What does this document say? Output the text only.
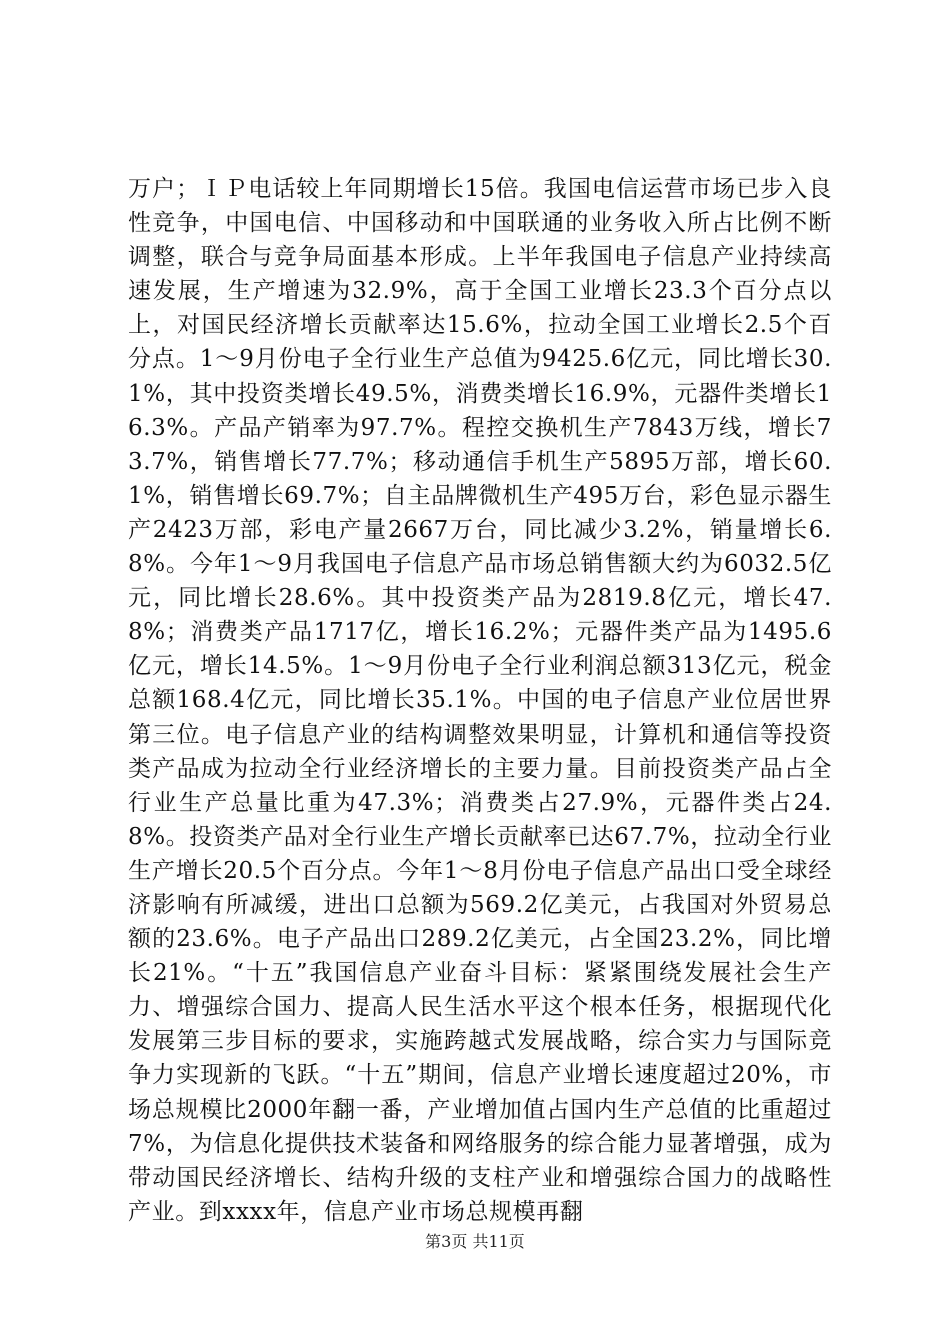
万户；ＩＰ电话较上年同期增长15倍。我国电信运营市场已步入良性竞争，中国电信、中国移动和中国联通的业务收入所占比例不断调整，联合与竞争局面基本形成。上半年我国电子信息产业持续高速发展，生产增速为32.9%，高于全国工业增长23.3个百分点以上，对国民经济增长贡献率达15.6%，拉动全国工业增长2.5个百分点。1～9月份电子全行业生产总值为9425.6亿元，同比增长30.1%，其中投资类增长49.5%，消费类增长16.9%，元器件类增长16.3%。产品产销率为97.7%。程控交换机生产7843万线，增长73.7%，销售增长77.7%；移动通信手机生产5895万部，增长60.1%，销售增长69.7%；自主品牌微机生产495万台，彩色显示器生产2423万部，彩电产量2667万台，同比减少3.2%，销量增长6.8%。今年1～9月我国电子信息产品市场总销售额大约为6032.5亿元，同比增长28.6%。其中投资类产品为2819.8亿元，增长47.8%；消费类产品1717亿，增长16.2%；元器件类产品为1495.6亿元，增长14.5%。1～9月份电子全行业利润总额313亿元，税金总额168.4亿元，同比增长35.1%。中国的电子信息产业位居世界第三位。电子信息产业的结构调整效果明显，计算机和通信等投资类产品成为拉动全行业经济增长的主要力量。目前投资类产品占全行业生产总量比重为47.3%；消费类占27.9%，元器件类占24.8%。投资类产品对全行业生产增长贡献率已达67.7%，拉动全行业生产增长20.5个百分点。今年1～8月份电子信息产品出口受全球经济影响有所减缓，进出口总额为569.2亿美元，占我国对外贸易总额的23.6%。电子产品出口289.2亿美元，占全国23.2%，同比增长21%。“十五”我国信息产业奋斗目标：紧紧围绕发展社会生产力、增强综合国力、提高人民生活水平这个根本任务，根据现代化发展第三步目标的要求，实施跨越式发展战略，综合实力与国际竞争力实现新的飞跃。“十五”期间，信息产业增长速度超过20%，市场总规模比2000年翻一番，产业增加值占国内生产总值的比重超过7%，为信息化提供技术装备和网络服务的综合能力显著增强，成为带动国民经济增长、结构升级的支柱产业和增强综合国力的战略性产业。到xxxx年，信息产业市场总规模再翻

第3页 共11页
